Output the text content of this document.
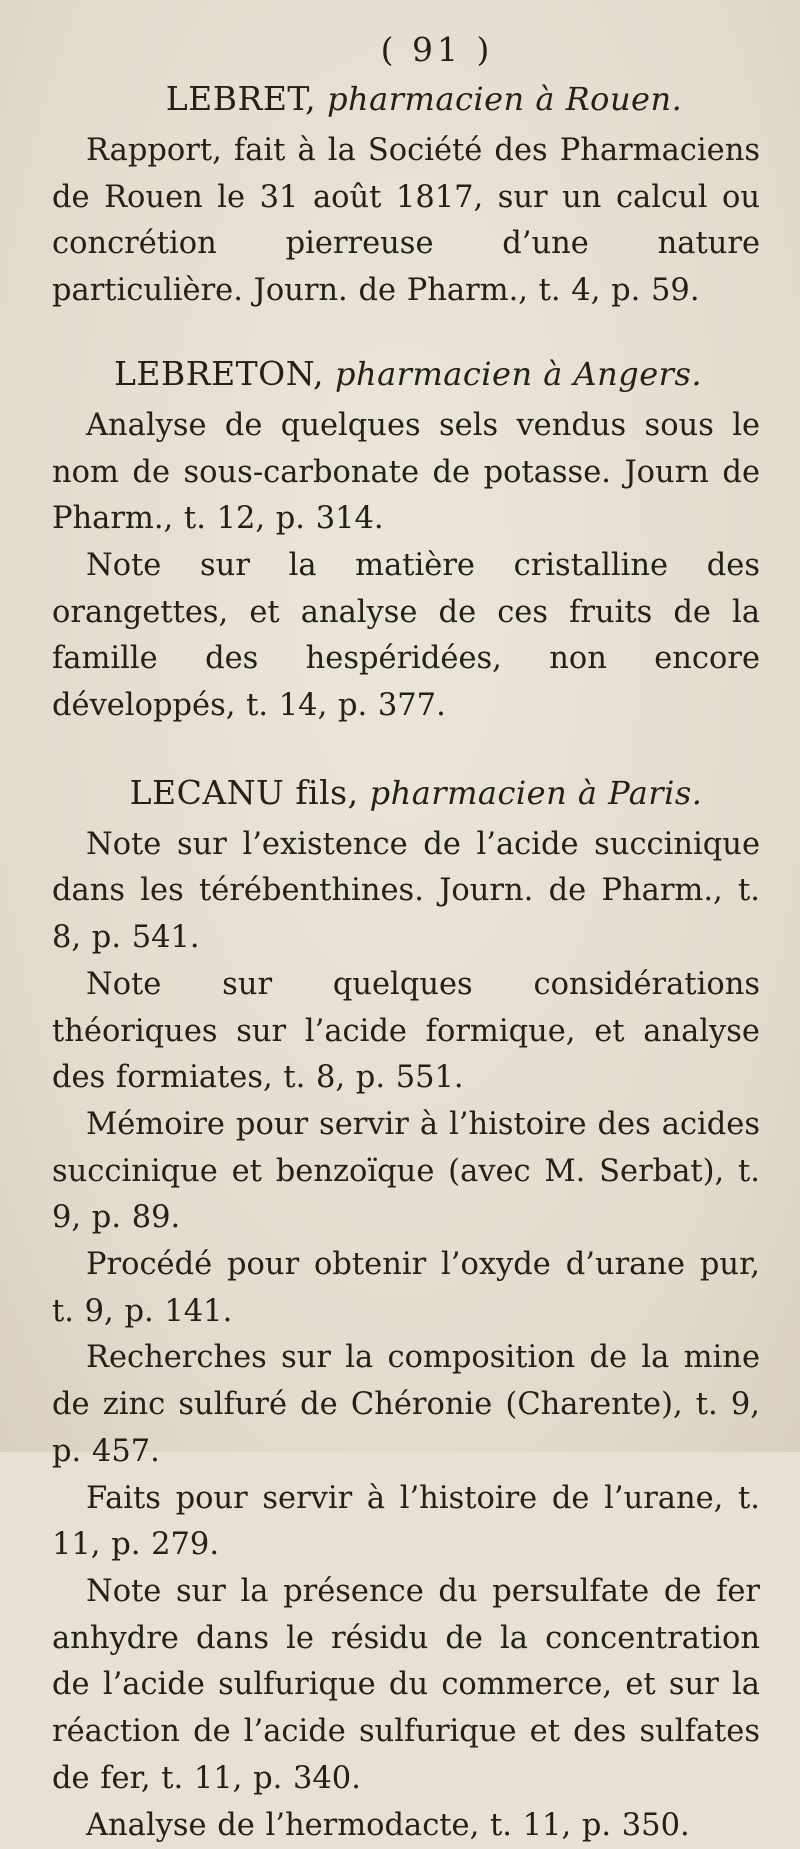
( 91 )

LEBRET, pharmacien à Rouen.

Rapport, fait à la Société des Pharmaciens de Rouen le 31 août 1817, sur un calcul ou concrétion pierreuse d’une nature particulière. Journ. de Pharm., t. 4, p. 59.

LEBRETON, pharmacien à Angers.

Analyse de quelques sels vendus sous le nom de sous-carbonate de potasse. Journ de Pharm., t. 12, p. 314.

Note sur la matière cristalline des orangettes, et analyse de ces fruits de la famille des hespéridées, non encore développés, t. 14, p. 377.

LECANU fils, pharmacien à Paris.

Note sur l’existence de l’acide succinique dans les térébenthines. Journ. de Pharm., t. 8, p. 541.

Note sur quelques considérations théoriques sur l’acide formique, et analyse des formiates, t. 8, p. 551.

Mémoire pour servir à l’histoire des acides succinique et benzoïque (avec M. Serbat), t. 9, p. 89.

Procédé pour obtenir l’oxyde d’urane pur, t. 9, p. 141.

Recherches sur la composition de la mine de zinc sulfuré de Chéronie (Charente), t. 9, p. 457.

Faits pour servir à l’histoire de l’urane, t. 11, p. 279.

Note sur la présence du persulfate de fer anhydre dans le résidu de la concentration de l’acide sulfurique du commerce, et sur la réaction de l’acide sulfurique et des sulfates de fer, t. 11, p. 340.

Analyse de l’hermodacte, t. 11, p. 350.
